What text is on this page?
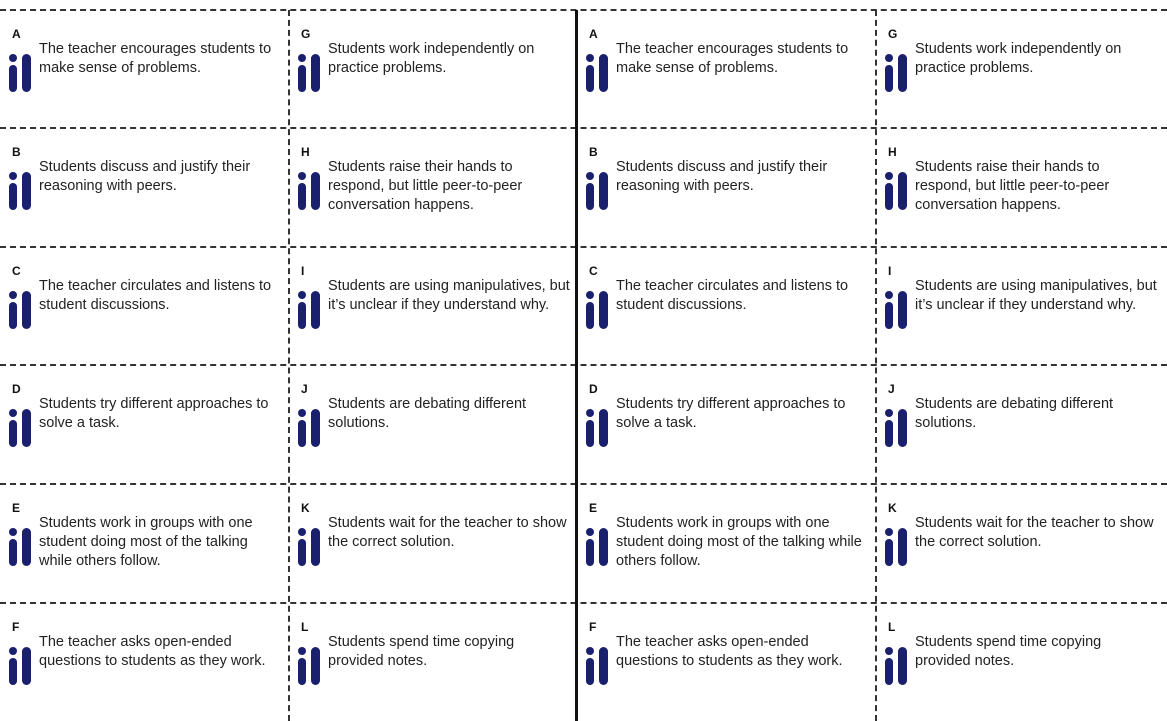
A
The teacher encourages students to make sense of problems.
B
Students discuss and justify their reasoning with peers.
C
The teacher circulates and listens to student discussions.
D
Students try different approaches to solve a task.
E
Students work in groups with one student doing most of the talking while others follow.
F
The teacher asks open-ended questions to students as they work.
G
Students work independently on practice problems.
H
Students raise their hands to respond, but little peer-to-peer conversation happens.
I
Students are using manipulatives, but it’s unclear if they understand why.
J
Students are debating different solutions.
K
Students wait for the teacher to show the correct solution.
L
Students spend time copying provided notes.
A
The teacher encourages students to make sense of problems.
B
Students discuss and justify their reasoning with peers.
C
The teacher circulates and listens to student discussions.
D
Students try different approaches to solve a task.
E
Students work in groups with one student doing most of the talking while others follow.
F
The teacher asks open-ended questions to students as they work.
G
Students work independently on practice problems.
H
Students raise their hands to respond, but little peer-to-peer conversation happens.
I
Students are using manipulatives, but it’s unclear if they understand why.
J
Students are debating different solutions.
K
Students wait for the teacher to show the correct solution.
L
Students spend time copying provided notes.
